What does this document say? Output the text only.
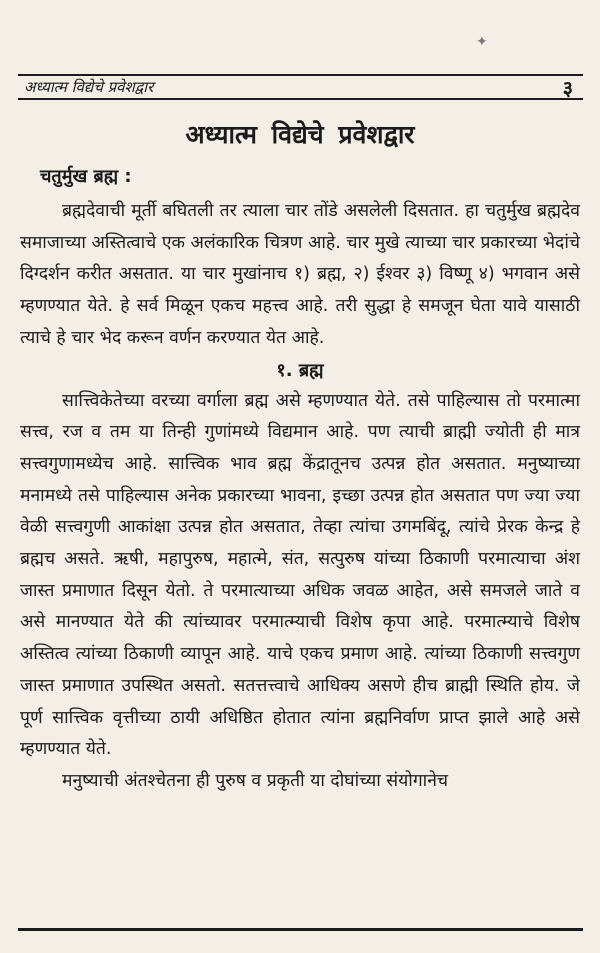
✦
अध्यात्म विद्येचे प्रवेशद्वार	३
अध्यात्म विद्येचे प्रवेशद्वार
चतुर्मुख ब्रह्म :

ब्रह्मदेवाची मूर्ती बघितली तर त्याला चार तोंडे असलेली दिसतात. हा चतुर्मुख ब्रह्मदेव समाजाच्या अस्तित्वाचे एक अलंकारिक चित्रण आहे. चार मुखे त्याच्या चार प्रकारच्या भेदांचे दिग्दर्शन करीत असतात. या चार मुखांनाच १) ब्रह्म, २) ईश्वर ३) विष्णू ४) भगवान असे म्हणण्यात येते. हे सर्व मिळून एकच महत्त्व आहे. तरी सुद्धा हे समजून घेता यावे यासाठी त्याचे हे चार भेद करून वर्णन करण्यात येत आहे.

१. ब्रह्म

सात्त्विकेतेच्या वरच्या वर्गाला ब्रह्म असे म्हणण्यात येते. तसे पाहिल्यास तो परमात्मा सत्त्व, रज व तम या तिन्ही गुणांमध्ये विद्यमान आहे. पण त्याची ब्राह्मी ज्योती ही मात्र सत्त्वगुणामध्येच आहे. सात्त्विक भाव ब्रह्म केंद्रातूनच उत्पन्न होत असतात. मनुष्याच्या मनामध्ये तसे पाहिल्यास अनेक प्रकारच्या भावना, इच्छा उत्पन्न होत असतात पण ज्या ज्या वेळी सत्त्वगुणी आकांक्षा उत्पन्न होत असतात, तेव्हा त्यांचा उगमबिंदू, त्यांचे प्रेरक केन्द्र हे ब्रह्मच असते. ऋषी, महापुरुष, महात्मे, संत, सत्पुरुष यांच्या ठिकाणी परमात्याचा अंश जास्त प्रमाणात दिसून येतो. ते परमात्याच्या अधिक जवळ आहेत, असे समजले जाते व असे मानण्यात येते की त्यांच्यावर परमात्म्याची विशेष कृपा आहे. परमात्म्याचे विशेष अस्तित्व त्यांच्या ठिकाणी व्यापून आहे. याचे एकच प्रमाण आहे. त्यांच्या ठिकाणी सत्त्वगुण जास्त प्रमाणात उपस्थित असतो. सतत्तत्त्वाचे आधिक्य असणे हीच ब्राह्मी स्थिति होय. जे पूर्ण सात्त्विक वृत्तीच्या ठायी अधिष्ठित होतात त्यांना ब्रह्मनिर्वाण प्राप्त झाले आहे असे म्हणण्यात येते.

मनुष्याची अंतश्चेतना ही पुरुष व प्रकृती या दोघांच्या संयोगानेच
